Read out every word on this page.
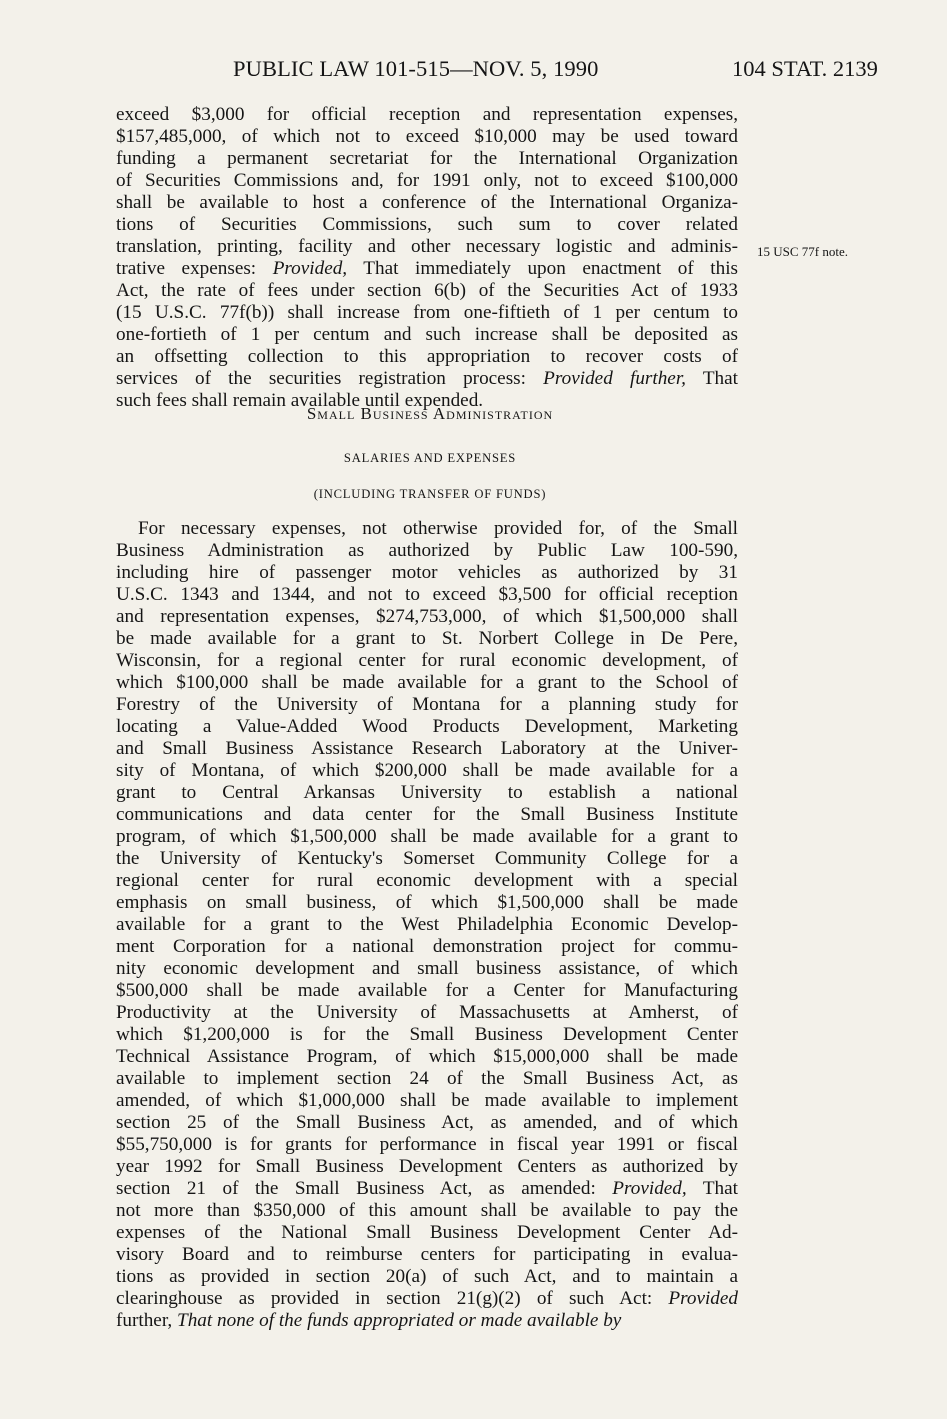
PUBLIC LAW 101-515—NOV. 5, 1990	104 STAT. 2139
exceed $3,000 for official reception and representation expenses,
$157,485,000, of which not to exceed $10,000 may be used toward
funding a permanent secretariat for the International Organization
of Securities Commissions and, for 1991 only, not to exceed $100,000
shall be available to host a conference of the International Organiza-
tions of Securities Commissions, such sum to cover related
translation, printing, facility and other necessary logistic and adminis-
trative expenses: Provided, That immediately upon enactment of this
Act, the rate of fees under section 6(b) of the Securities Act of 1933
(15 U.S.C. 77f(b)) shall increase from one-fiftieth of 1 per centum to
one-fortieth of 1 per centum and such increase shall be deposited as
an offsetting collection to this appropriation to recover costs of
services of the securities registration process: Provided further, That
such fees shall remain available until expended.
15 USC 77f note.
Small Business Administration
SALARIES AND EXPENSES
(INCLUDING TRANSFER OF FUNDS)
For necessary expenses, not otherwise provided for, of the Small
Business Administration as authorized by Public Law 100-590,
including hire of passenger motor vehicles as authorized by 31
U.S.C. 1343 and 1344, and not to exceed $3,500 for official reception
and representation expenses, $274,753,000, of which $1,500,000 shall
be made available for a grant to St. Norbert College in De Pere,
Wisconsin, for a regional center for rural economic development, of
which $100,000 shall be made available for a grant to the School of
Forestry of the University of Montana for a planning study for
locating a Value-Added Wood Products Development, Marketing
and Small Business Assistance Research Laboratory at the Univer-
sity of Montana, of which $200,000 shall be made available for a
grant to Central Arkansas University to establish a national
communications and data center for the Small Business Institute
program, of which $1,500,000 shall be made available for a grant to
the University of Kentucky's Somerset Community College for a
regional center for rural economic development with a special
emphasis on small business, of which $1,500,000 shall be made
available for a grant to the West Philadelphia Economic Develop-
ment Corporation for a national demonstration project for commu-
nity economic development and small business assistance, of which
$500,000 shall be made available for a Center for Manufacturing
Productivity at the University of Massachusetts at Amherst, of
which $1,200,000 is for the Small Business Development Center
Technical Assistance Program, of which $15,000,000 shall be made
available to implement section 24 of the Small Business Act, as
amended, of which $1,000,000 shall be made available to implement
section 25 of the Small Business Act, as amended, and of which
$55,750,000 is for grants for performance in fiscal year 1991 or fiscal
year 1992 for Small Business Development Centers as authorized by
section 21 of the Small Business Act, as amended: Provided, That
not more than $350,000 of this amount shall be available to pay the
expenses of the National Small Business Development Center Ad-
visory Board and to reimburse centers for participating in evalua-
tions as provided in section 20(a) of such Act, and to maintain a
clearinghouse as provided in section 21(g)(2) of such Act: Provided
further, That none of the funds appropriated or made available by
